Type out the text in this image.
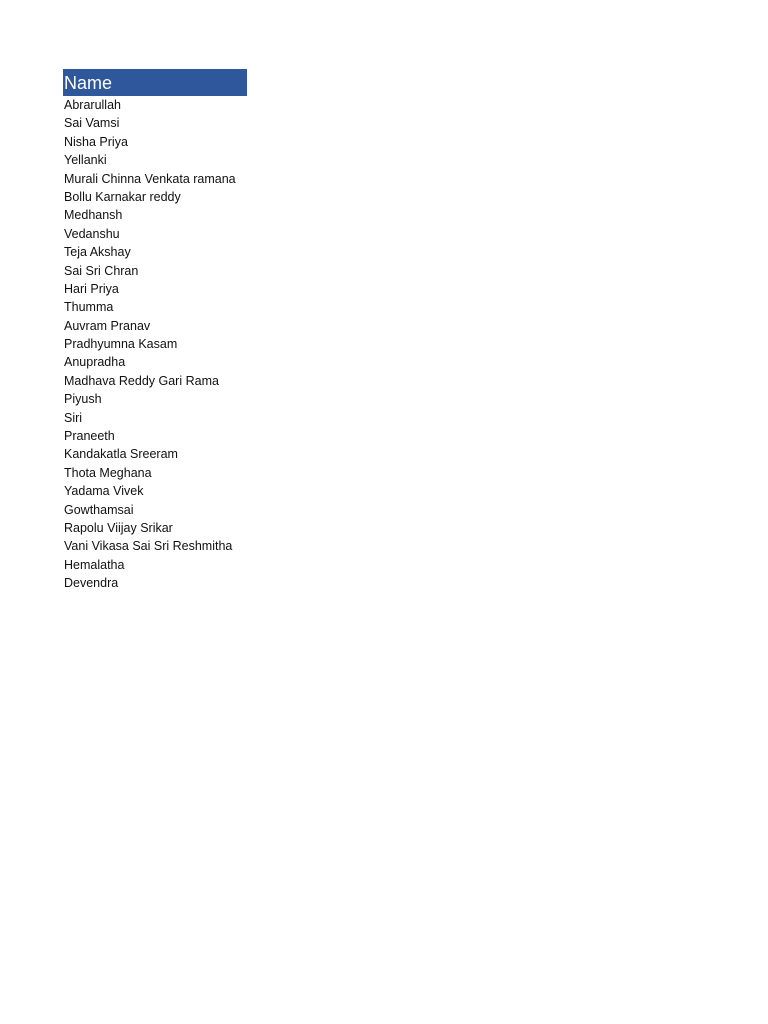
Name
Abrarullah
Sai Vamsi
Nisha Priya
Yellanki
Murali Chinna Venkata ramana
Bollu Karnakar reddy
Medhansh
Vedanshu
Teja Akshay
Sai Sri Chran
Hari Priya
Thumma
Auvram Pranav
Pradhyumna Kasam
Anupradha
Madhava Reddy Gari Rama
Piyush
Siri
Praneeth
Kandakatla Sreeram
Thota Meghana
Yadama Vivek
Gowthamsai
Rapolu Viijay Srikar
Vani Vikasa Sai Sri Reshmitha
Hemalatha
Devendra
